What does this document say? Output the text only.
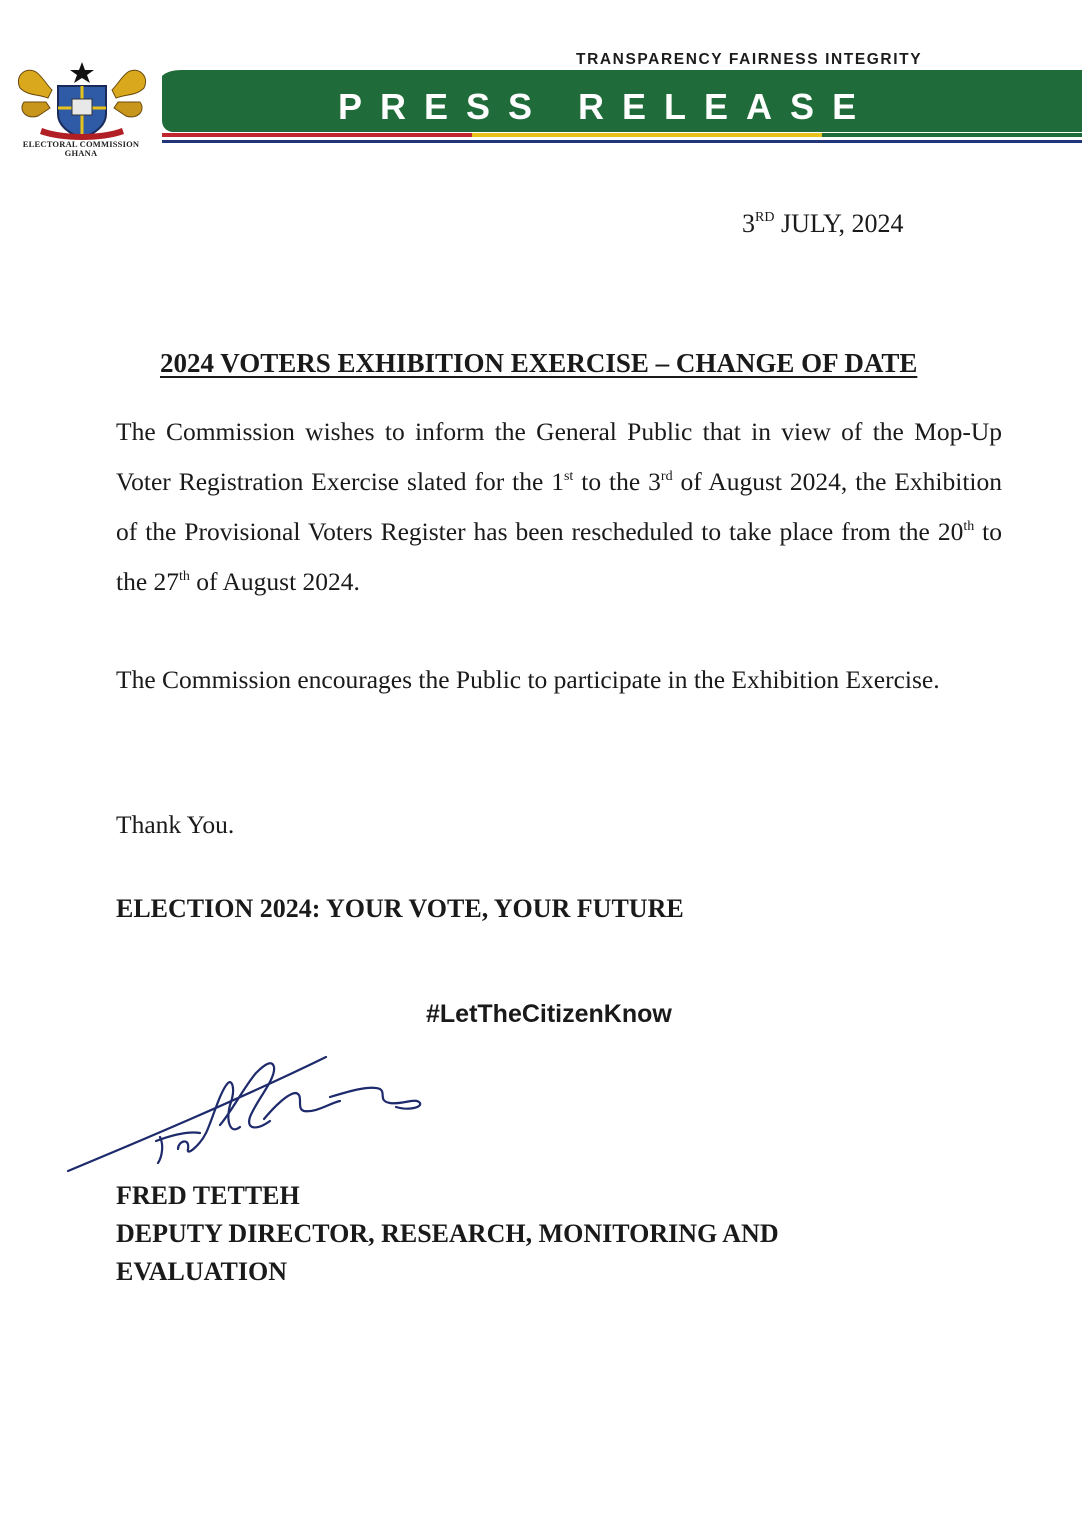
ELECTORAL COMMISSION
GHANA
TRANSPARENCY FAIRNESS INTEGRITY
PRESS RELEASE
3RD JULY, 2024
2024 VOTERS EXHIBITION EXERCISE – CHANGE OF DATE
The Commission wishes to inform the General Public that in view of the Mop-Up Voter Registration Exercise slated for the 1st to the 3rd of August 2024, the Exhibition of the Provisional Voters Register has been rescheduled to take place from the 20th to the 27th of August 2024.
The Commission encourages the Public to participate in the Exhibition Exercise.
Thank You.
ELECTION 2024: YOUR VOTE, YOUR FUTURE
#LetTheCitizenKnow
FRED TETTEH
DEPUTY DIRECTOR, RESEARCH, MONITORING AND
EVALUATION
